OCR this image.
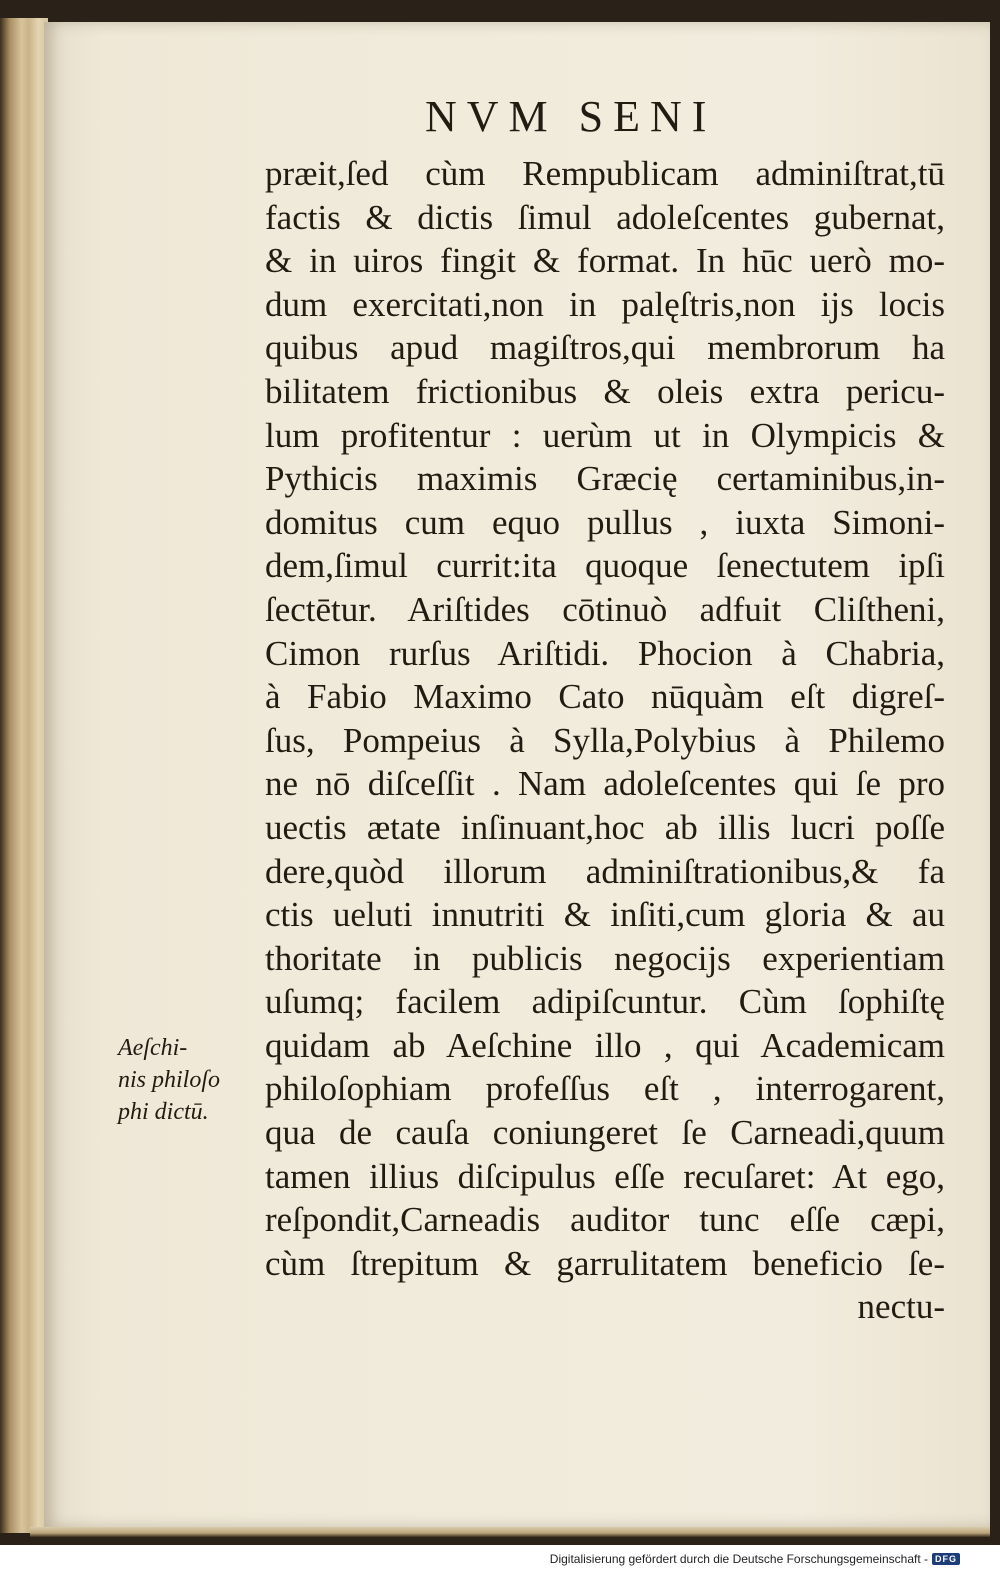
NVM SENI
præit,ſed cùm Rempublicam adminiſtrat,tū
factis & dictis ſimul adoleſcentes gubernat,
& in uiros fingit & format. In hūc uerò mo-
dum exercitati,non in palęſtris,non ijs locis
quibus apud magiſtros,qui membrorum ha
bilitatem frictionibus & oleis extra pericu-
lum profitentur : uerùm ut in Olympicis &
Pythicis maximis Græcię certaminibus,in-
domitus cum equo pullus , iuxta Simoni-
dem,ſimul currit:ita quoque ſenectutem ipſi
ſectētur. Ariſtides cōtinuò adfuit Cliſtheni,
Cimon rurſus Ariſtidi. Phocion à Chabria,
à Fabio Maximo Cato nūquàm eſt digreſ-
ſus, Pompeius à Sylla,Polybius à Philemo
ne nō diſceſſit . Nam adoleſcentes qui ſe pro
uectis ætate inſinuant,hoc ab illis lucri poſſe
dere,quòd illorum adminiſtrationibus,& fa
ctis ueluti innutriti & inſiti,cum gloria & au
thoritate in publicis negocijs experientiam
uſumq; facilem adipiſcuntur. Cùm ſophiſtę
quidam ab Aeſchine illo , qui Academicam
philoſophiam profeſſus eſt , interrogarent,
qua de cauſa coniungeret ſe Carneadi,quum
tamen illius diſcipulus eſſe recuſaret: At ego,
reſpondit,Carneadis auditor tunc eſſe cæpi,
cùm ſtrepitum & garrulitatem beneficio ſe-
nectu-
Aeſchi-
nis philoſo
phi dictū.
Digitalisierung gefördert durch die Deutsche Forschungsgemeinschaft - DFG
